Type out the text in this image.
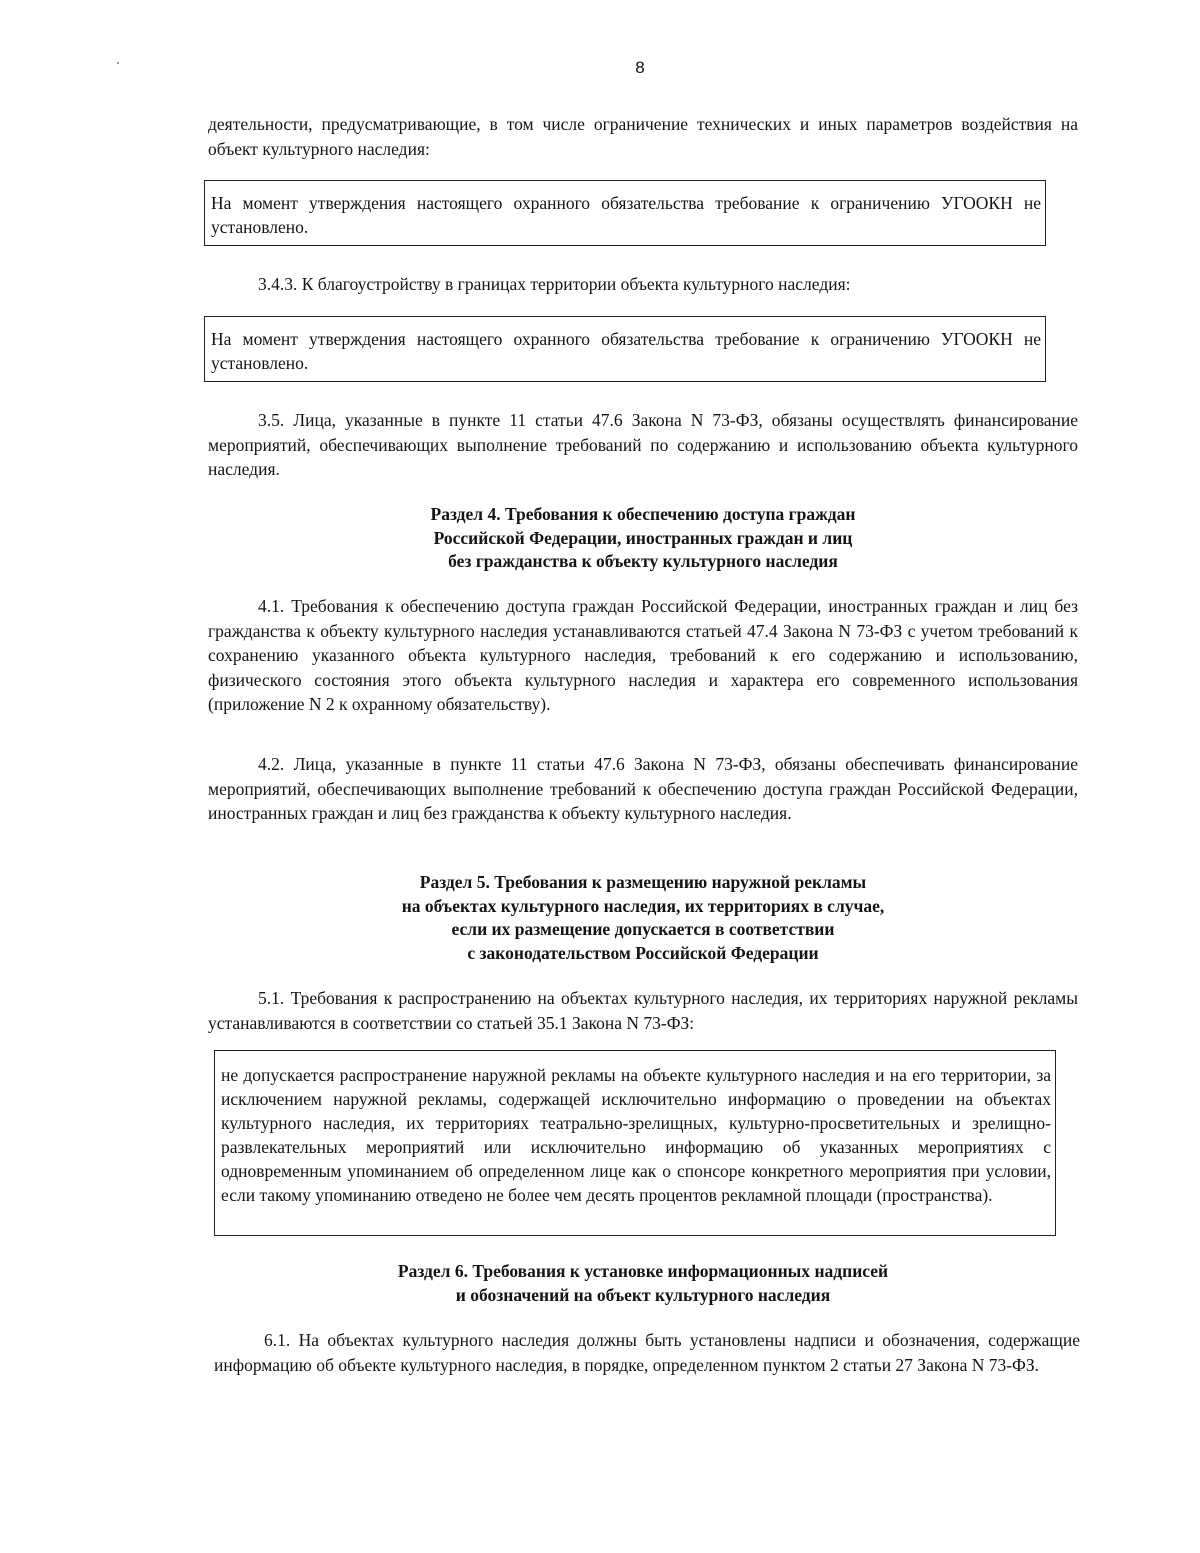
8
деятельности, предусматривающие, в том числе ограничение технических и иных параметров воздействия на объект культурного наследия:
На момент утверждения настоящего охранного обязательства требование к ограничению УГООКН не установлено.
3.4.3. К благоустройству в границах территории объекта культурного наследия:
На момент утверждения настоящего охранного обязательства требование к ограничению УГООКН не установлено.
3.5. Лица, указанные в пункте 11 статьи 47.6 Закона N 73-ФЗ, обязаны осуществлять финансирование мероприятий, обеспечивающих выполнение требований по содержанию и использованию объекта культурного наследия.
Раздел 4. Требования к обеспечению доступа граждан
Российской Федерации, иностранных граждан и лиц
без гражданства к объекту культурного наследия
4.1. Требования к обеспечению доступа граждан Российской Федерации, иностранных граждан и лиц без гражданства к объекту культурного наследия устанавливаются статьей 47.4 Закона N 73-ФЗ с учетом требований к сохранению указанного объекта культурного наследия, требований к его содержанию и использованию, физического состояния этого объекта культурного наследия и характера его современного использования (приложение N 2 к охранному обязательству).
4.2. Лица, указанные в пункте 11 статьи 47.6 Закона N 73-ФЗ, обязаны обеспечивать финансирование мероприятий, обеспечивающих выполнение требований к обеспечению доступа граждан Российской Федерации, иностранных граждан и лиц без гражданства к объекту культурного наследия.
Раздел 5. Требования к размещению наружной рекламы
на объектах культурного наследия, их территориях в случае,
если их размещение допускается в соответствии
с законодательством Российской Федерации
5.1. Требования к распространению на объектах культурного наследия, их территориях наружной рекламы устанавливаются в соответствии со статьей 35.1 Закона N 73-ФЗ:
не допускается распространение наружной рекламы на объекте культурного наследия и на его территории, за исключением наружной рекламы, содержащей исключительно информацию о проведении на объектах культурного наследия, их территориях театрально-зрелищных, культурно-просветительных и зрелищно-развлекательных мероприятий или исключительно информацию об указанных мероприятиях с одновременным упоминанием об определенном лице как о спонсоре конкретного мероприятия при условии, если такому упоминанию отведено не более чем десять процентов рекламной площади (пространства).
Раздел 6. Требования к установке информационных надписей
и обозначений на объект культурного наследия
6.1. На объектах культурного наследия должны быть установлены надписи и обозначения, содержащие информацию об объекте культурного наследия, в порядке, определенном пунктом 2 статьи 27 Закона N 73-ФЗ.
